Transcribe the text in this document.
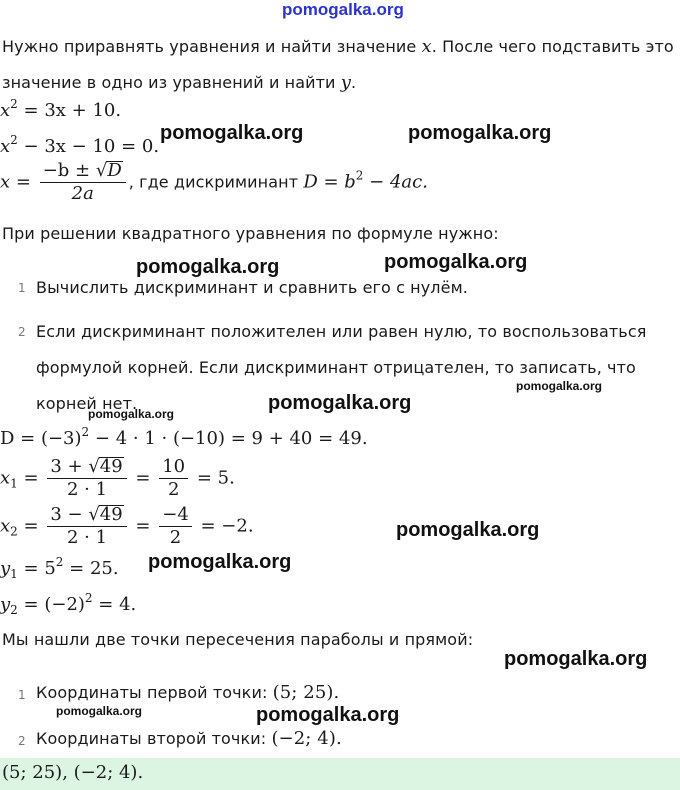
pomogalka.org
Нужно приравнять уравнения и найти значение x. После чего подставить это
значение в одно из уравнений и найти y.
$x^2 = 3x + 10$.
$x^2 - 3x - 10 = 0$.
$x = \frac{-b \pm √D}{2a}$ , где дискриминант $D = b^2 - 4ac$.
При решении квадратного уравнения по формуле нужно:
1 Вычислить дискриминант и сравнить его с нулём.
2 Если дискриминант положителен или равен нулю, то воспользоваться
формулой корней. Если дискриминант отрицателен, то записать, что
корней нет.
$D = (-3)^2 - 4 \cdot 1 \cdot (-10) = 9 + 40 = 49$.
$x_1 = \frac{3 + √49}{2 \cdot 1} = \frac{10}{2} = 5$.
$x_2 = \frac{3 - √49}{2 \cdot 1} = \frac{-4}{2} = -2$.
$y_1 = 5^2 = 25$.
$y_2 = (-2)^2 = 4$.
Мы нашли две точки пересечения параболы и прямой:
1 Координаты первой точки: (5; 25).
2 Координаты второй точки: (−2; 4).
(5; 25), (−2; 4).
pomogalka.org	pomogalka.org
pomogalka.org	pomogalka.org
pomogalka.org
pomogalka.org	pomogalka.org
pomogalka.org
pomogalka.org
pomogalka.org
pomogalka.org	pomogalka.org
